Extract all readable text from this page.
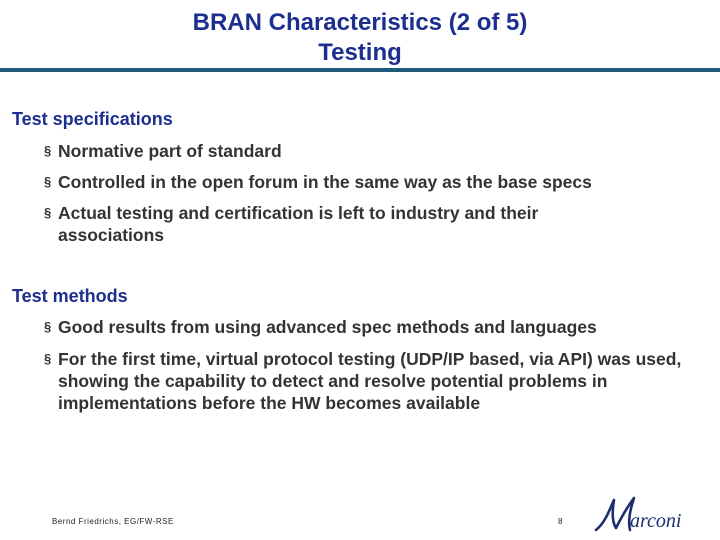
BRAN Characteristics (2 of 5)
Testing
Test specifications
§ Normative part of standard
§ Controlled in the open forum in the same way as the base specs
§ Actual testing and certification is left to industry and their associations
Test methods
§ Good results from using advanced spec methods and languages
§ For the first time, virtual protocol testing (UDP/IP based, via API) was used, showing the capability to detect and resolve potential problems in implementations before the HW becomes available
Bernd Friedrichs, EG/FW-RSE	8	arconi
